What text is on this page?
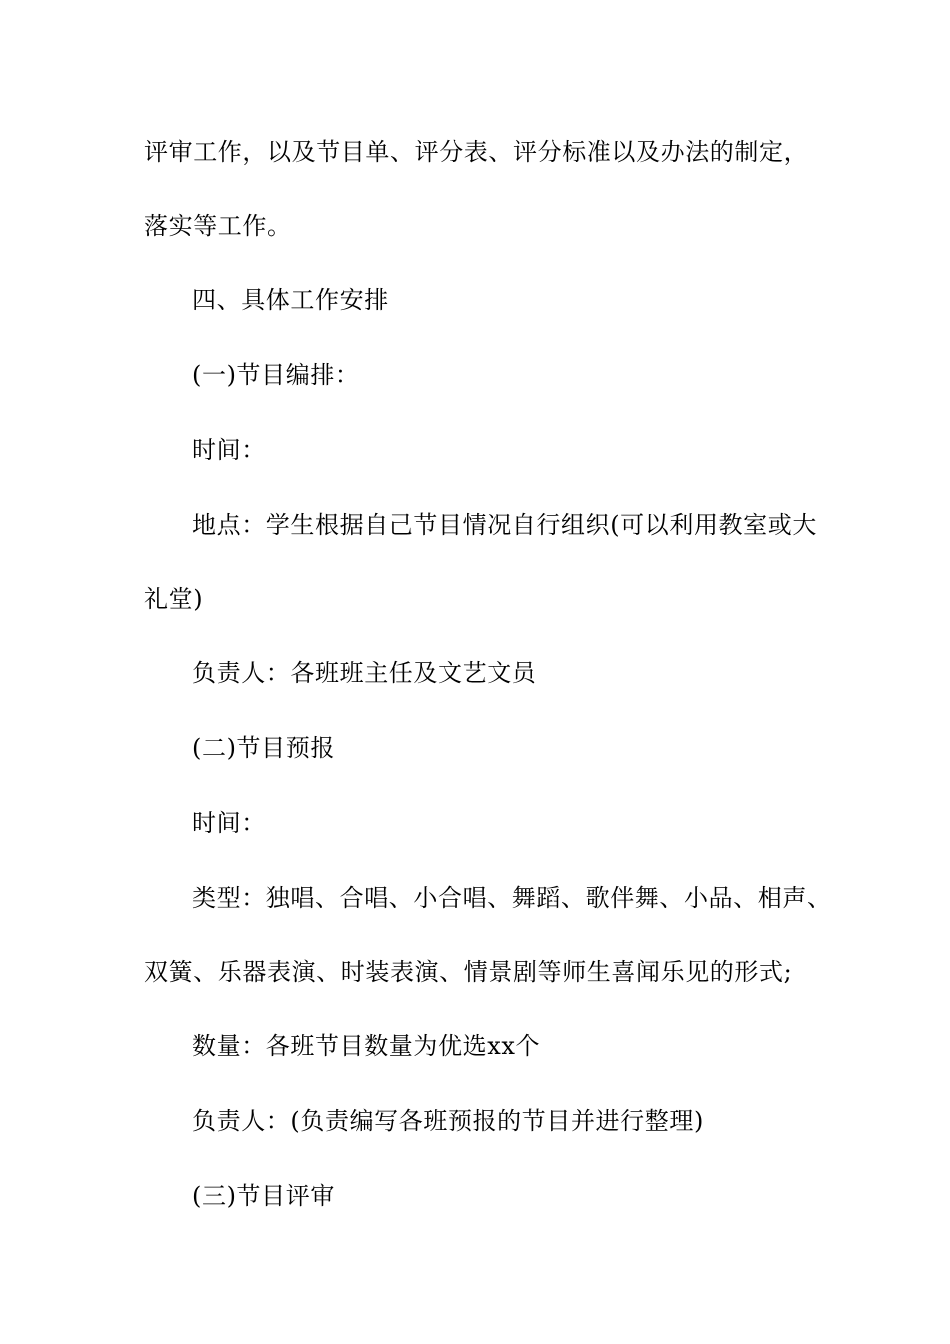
评审工作，以及节目单、评分表、评分标准以及办法的制定，
落实等工作。
四、具体工作安排
(一)节目编排：
时间：
地点：学生根据自己节目情况自行组织(可以利用教室或大
礼堂)
负责人：各班班主任及文艺文员
(二)节目预报
时间：
类型：独唱、合唱、小合唱、舞蹈、歌伴舞、小品、相声、
双簧、乐器表演、时装表演、情景剧等师生喜闻乐见的形式;
数量：各班节目数量为优选xx个
负责人：(负责编写各班预报的节目并进行整理)
(三)节目评审
